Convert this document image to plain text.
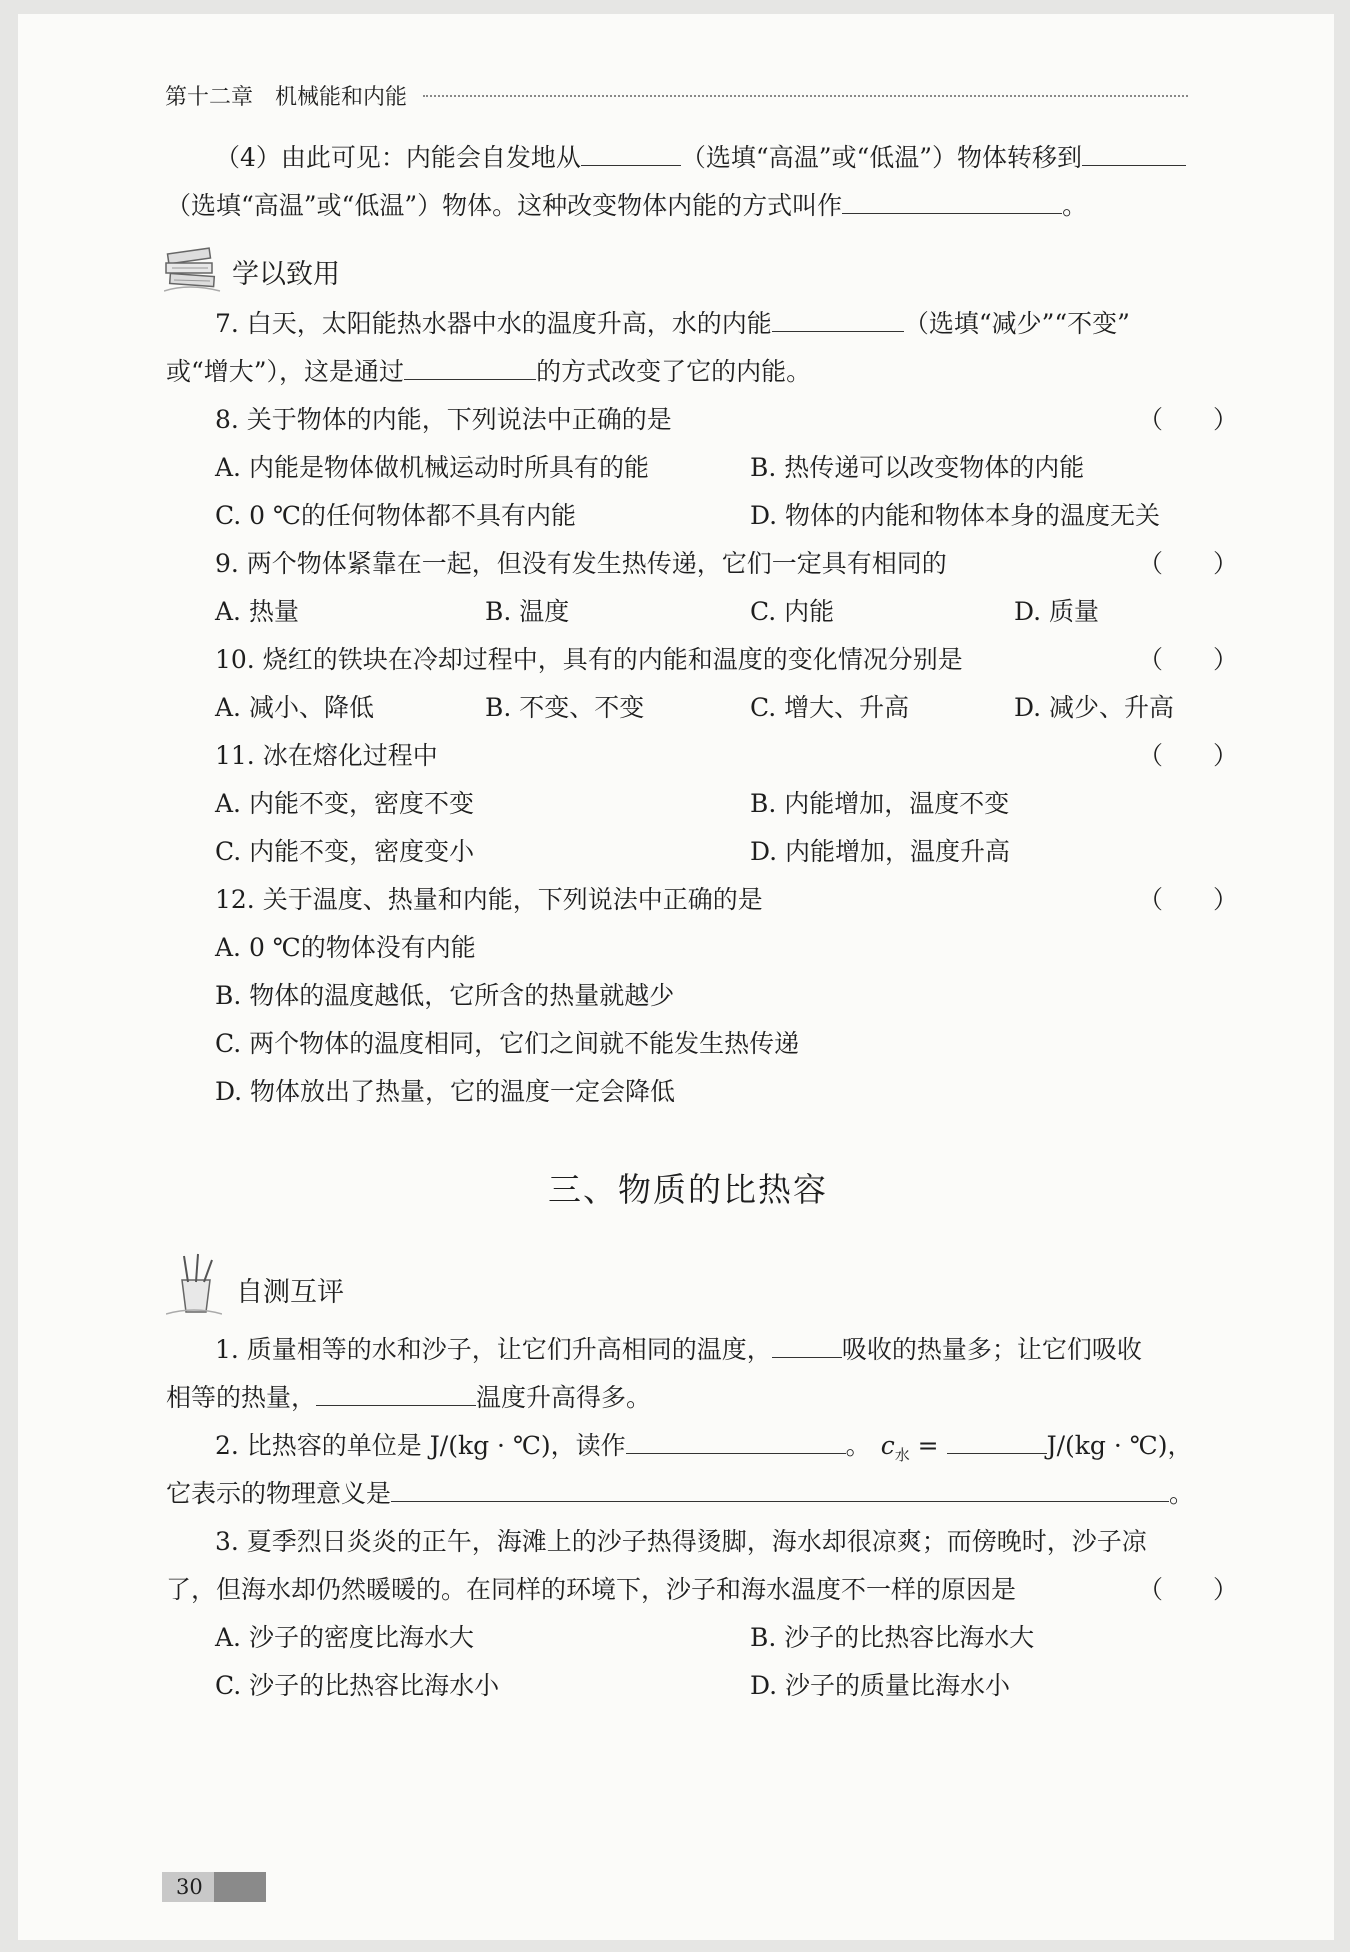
第十二章　机械能和内能
（4）由此可见：内能会自发地从	（选填“高温”或“低温”）物体转移到
（选填“高温”或“低温”）物体。这种改变物体内能的方式叫作	。
学以致用
7. 白天，太阳能热水器中水的温度升高，水的内能	（选填“减少”“不变”
或“增大”），这是通过	的方式改变了它的内能。
8. 关于物体的内能，下列说法中正确的是	（　　）
A. 内能是物体做机械运动时所具有的能	B. 热传递可以改变物体的内能
C. 0 ℃的任何物体都不具有内能	D. 物体的内能和物体本身的温度无关
9. 两个物体紧靠在一起，但没有发生热传递，它们一定具有相同的	（　　）
A. 热量	B. 温度	C. 内能	D. 质量
10. 烧红的铁块在冷却过程中，具有的内能和温度的变化情况分别是	（　　）
A. 减小、降低	B. 不变、不变	C. 增大、升高	D. 减少、升高
11. 冰在熔化过程中	（　　）
A. 内能不变，密度不变	B. 内能增加，温度不变
C. 内能不变，密度变小	D. 内能增加，温度升高
12. 关于温度、热量和内能，下列说法中正确的是	（　　）
A. 0 ℃的物体没有内能
B. 物体的温度越低，它所含的热量就越少
C. 两个物体的温度相同，它们之间就不能发生热传递
D. 物体放出了热量，它的温度一定会降低
三、物质的比热容
自测互评
1. 质量相等的水和沙子，让它们升高相同的温度，	吸收的热量多；让它们吸收
相等的热量，	温度升高得多。
2. 比热容的单位是 J/(kg · ℃)，读作	。 $c_水$ =	J/(kg · ℃)，
它表示的物理意义是	。
3. 夏季烈日炎炎的正午，海滩上的沙子热得烫脚，海水却很凉爽；而傍晚时，沙子凉
了，但海水却仍然暖暖的。在同样的环境下，沙子和海水温度不一样的原因是	（　　）
A. 沙子的密度比海水大	B. 沙子的比热容比海水大
C. 沙子的比热容比海水小	D. 沙子的质量比海水小
30
